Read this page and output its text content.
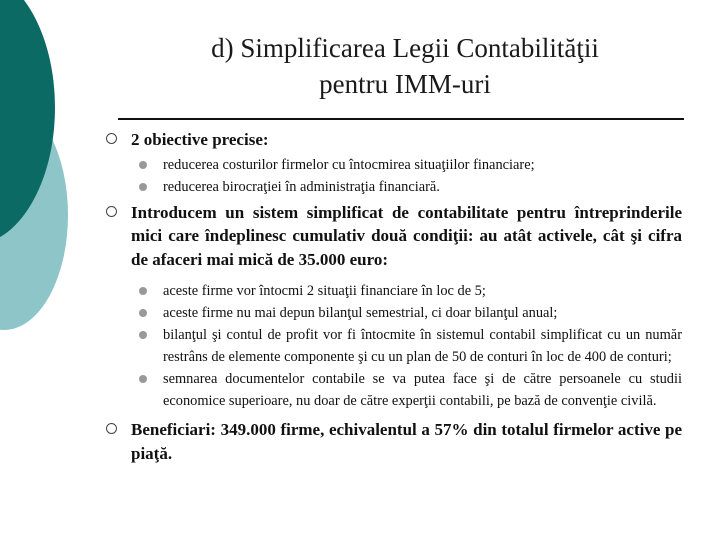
d) Simplificarea Legii Contabilităţii
pentru IMM-uri
2 obiective precise:
reducerea costurilor firmelor cu întocmirea situaţiilor financiare;
reducerea birocraţiei în administraţia financiară.
Introducem un sistem simplificat de contabilitate pentru întreprinderile mici care îndeplinesc cumulativ două condiţii: au atât activele, cât şi cifra de afaceri mai mică de 35.000 euro:
aceste firme vor întocmi 2 situaţii financiare în loc de 5;
aceste firme nu mai depun bilanţul semestrial, ci doar bilanţul anual;
bilanţul şi contul de profit vor fi întocmite în sistemul contabil simplificat cu un număr restrâns de elemente componente şi cu un plan de 50 de conturi în loc de 400 de conturi;
semnarea documentelor contabile se va putea face şi de către persoanele cu studii economice superioare, nu doar de către experţii contabili, pe bază de convenţie civilă.
Beneficiari: 349.000 firme, echivalentul a 57% din totalul firmelor active pe piaţă.
